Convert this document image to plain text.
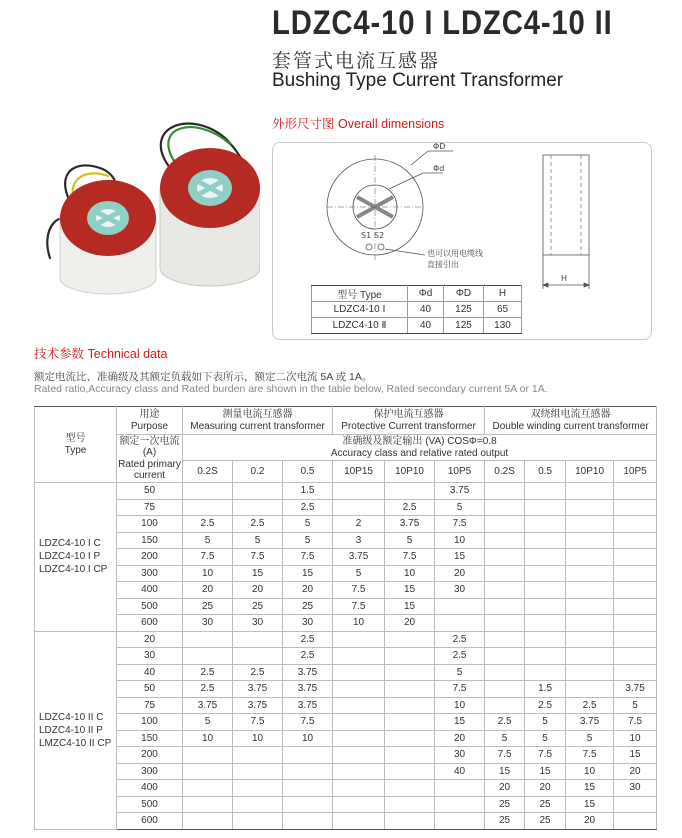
LDZC4-10 I LDZC4-10 II
套管式电流互感器
Bushing Type Current Transformer
外形尺寸图 Overall dimensions
ΦD
Φd
S1 S2
也可以用电缆线
直接引出
H
型号 Type	Φd	ΦD	H
LDZC4-10 Ⅰ	40	125	65
LDZC4-10 Ⅱ	40	125	130
技术参数 Technical data
额定电流比、准确级及其额定负载如下表所示，额定二次电流 5A 或 1A。
Rated ratio,Accuracy class and Rated burden are shown in the table below, Rated secondary current 5A or 1A.
型号
Type	用途
Purpose	测量电流互感器
Measuring current transformer			保护电流互感器
Protective Current transformer			双绕组电流互感器
Double winding current transformer			

	额定一次电流
(A)
Rated primary current	准确级及额定输出 (VA) COSΦ=0.8
Accuracy class and relative rated output									

		0.2S	0.2	0.5	10P15	10P10	10P5	0.2S	0.5	10P10	10P5

LDZC4-10 I C
LDZC4-10 I P
LDZC4-10 I CP	50			1.5			3.75				
	75			2.5		2.5	5				
	100	2.5	2.5	5	2	3.75	7.5				
	150	5	5	5	3	5	10				
	200	7.5	7.5	7.5	3.75	7.5	15				
	300	10	15	15	5	10	20				
	400	20	20	20	7.5	15	30				
	500	25	25	25	7.5	15					
	600	30	30	30	10	20					

LDZC4-10 II C
LDZC4-10 II P
LMZC4-10 II CP	20			2.5			2.5				
	30			2.5			2.5				
	40	2.5	2.5	3.75			5				
	50	2.5	3.75	3.75			7.5		1.5		3.75
	75	3.75	3.75	3.75			10		2.5	2.5	5
	100	5	7.5	7.5			15	2.5	5	3.75	7.5
	150	10	10	10			20	5	5	5	10
	200						30	7.5	7.5	7.5	15
	300						40	15	15	10	20
	400							20	20	15	30
	500							25	25	15	
	600							25	25	20	
